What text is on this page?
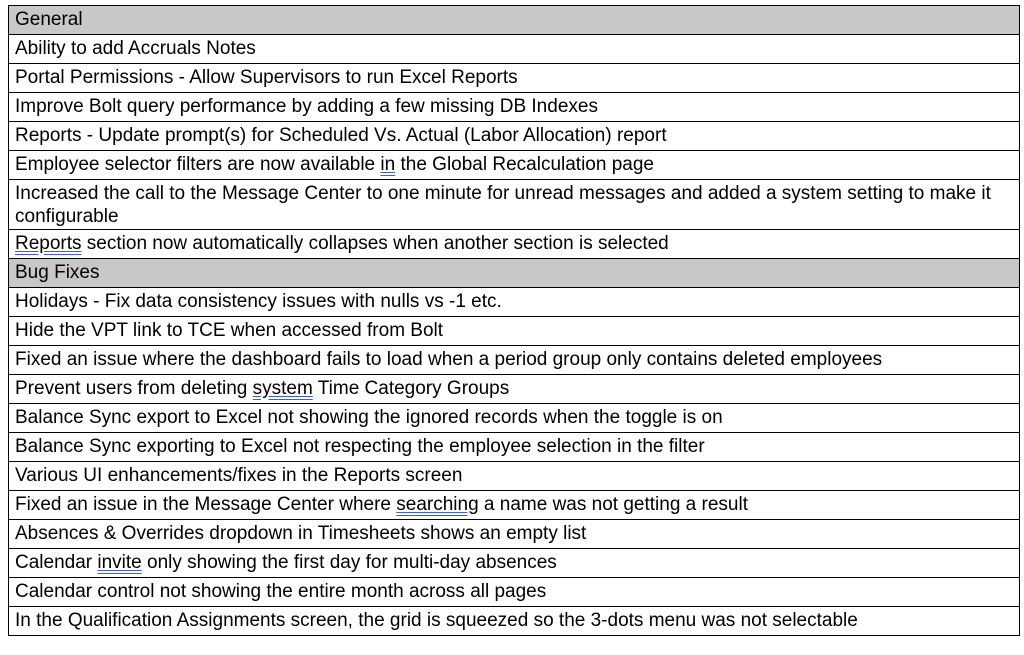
General
Ability to add Accruals Notes
Portal Permissions - Allow Supervisors to run Excel Reports
Improve Bolt query performance by adding a few missing DB Indexes
Reports - Update prompt(s) for Scheduled Vs. Actual (Labor Allocation) report
Employee selector filters are now available in the Global Recalculation page
Increased the call to the Message Center to one minute for unread messages and added a system setting to make it configurable
Reports section now automatically collapses when another section is selected
Bug Fixes
Holidays - Fix data consistency issues with nulls vs -1 etc.
Hide the VPT link to TCE when accessed from Bolt
Fixed an issue where the dashboard fails to load when a period group only contains deleted employees
Prevent users from deleting system Time Category Groups
Balance Sync export to Excel not showing the ignored records when the toggle is on
Balance Sync exporting to Excel not respecting the employee selection in the filter
Various UI enhancements/fixes in the Reports screen
Fixed an issue in the Message Center where searching a name was not getting a result
Absences & Overrides dropdown in Timesheets shows an empty list
Calendar invite only showing the first day for multi-day absences
Calendar control not showing the entire month across all pages
In the Qualification Assignments screen, the grid is squeezed so the 3-dots menu was not selectable
